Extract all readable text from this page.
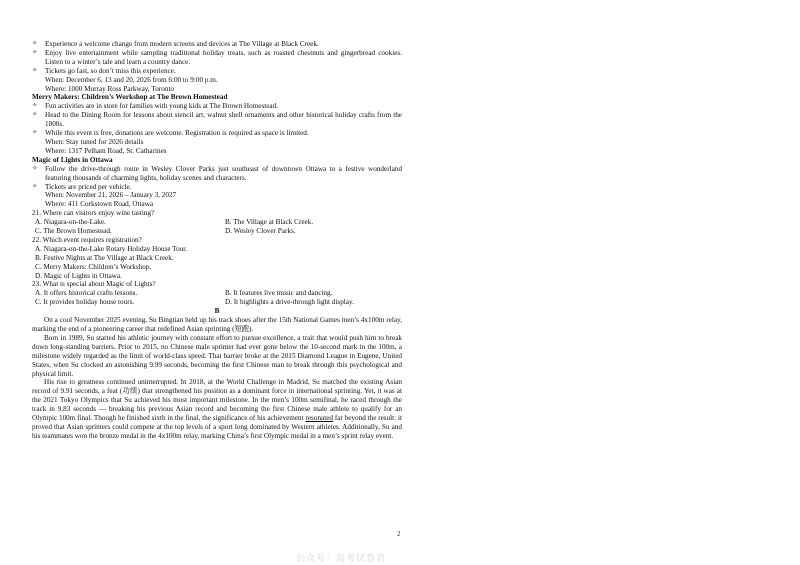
✧	Experience a welcome change from modern screens and devices at The Village at Black Creek.
✧	Enjoy live entertainment while sampling traditional holiday treats, such as roasted chestnuts and gingerbread cookies. Listen to a winter’s tale and learn a country dance.
✧	Tickets go fast, so don’t miss this experience.
When: December 6, 13 and 20, 2026 from 6:00 to 9:00 p.m.
Where: 1000 Murray Ross Parkway, Toronto
Merry Makers: Children’s Workshop at The Brown Homestead
✧	Fun activities are in store for families with young kids at The Brown Homestead.
✧	Head to the Dining Room for lessons about stencil art, walnut shell ornaments and other historical holiday crafts from the 1800s.
✧	While this event is free, donations are welcome. Registration is required as space is limited.
When: Stay tuned for 2026 details
Where: 1317 Pelham Road, St. Catharines
Magic of Lights in Ottawa
✧	Follow the drive-through route in Wesley Clover Parks just southeast of downtown Ottawa to a festive wonderland featuring thousands of charming lights, holiday scenes and characters.
✧	Tickets are priced per vehicle.
When: November 21, 2026 – January 3, 2027
Where: 411 Corkstown Road, Ottawa
21. Where can visitors enjoy wine tasting?
A. Niagara-on-the-Lake.	B. The Village at Black Creek.
C. The Brown Homestead.	D. Wesley Clover Parks.
22. Which event requires registration?
A. Niagara-on-the-Lake Rotary Holiday House Tour.
B. Festive Nights at The Village at Black Creek.
C. Merry Makers: Children’s Workshop.
D. Magic of Lights in Ottawa.
23. What is special about Magic of Lights?
A. It offers historical crafts lessons.	B. It features live music and dancing.
C. It provides holiday house tours.	D. It highlights a drive-through light display.
B
On a cool November 2025 evening, Su Bingtian held up his track shoes after the 15th National Games men’s 4x100m relay, marking the end of a pioneering career that redefined Asian sprinting (短跑).
Born in 1989, Su started his athletic journey with constant effort to pursue excellence, a trait that would push him to break down long-standing barriers. Prior to 2015, no Chinese male sprinter had ever gone below the 10-second mark in the 100m, a milestone widely regarded as the limit of world-class speed. That barrier broke at the 2015 Diamond League in Eugene, United States, when Su clocked an astonishing 9.99 seconds, becoming the first Chinese man to break through this psychological and physical limit.
His rise to greatness continued uninterrupted. In 2018, at the World Challenge in Madrid, Su matched the existing Asian record of 9.91 seconds, a feat (功绩) that strengthened his position as a dominant force in international sprinting. Yet, it was at the 2021 Tokyo Olympics that Su achieved his most important milestone. In the men’s 100m semifinal, he raced through the track in 9.83 seconds — breaking his previous Asian record and becoming the first Chinese male athlete to qualify for an Olympic 100m final. Though he finished sixth in the final, the significance of his achievement resonated far beyond the result: it proved that Asian sprinters could compete at the top levels of a sport long dominated by Western athletes. Additionally, Su and his teammates won the bronze medal in the 4x100m relay, marking China’s first Olympic medal in a men’s sprint relay event.
2
公众号：高考试卷君
